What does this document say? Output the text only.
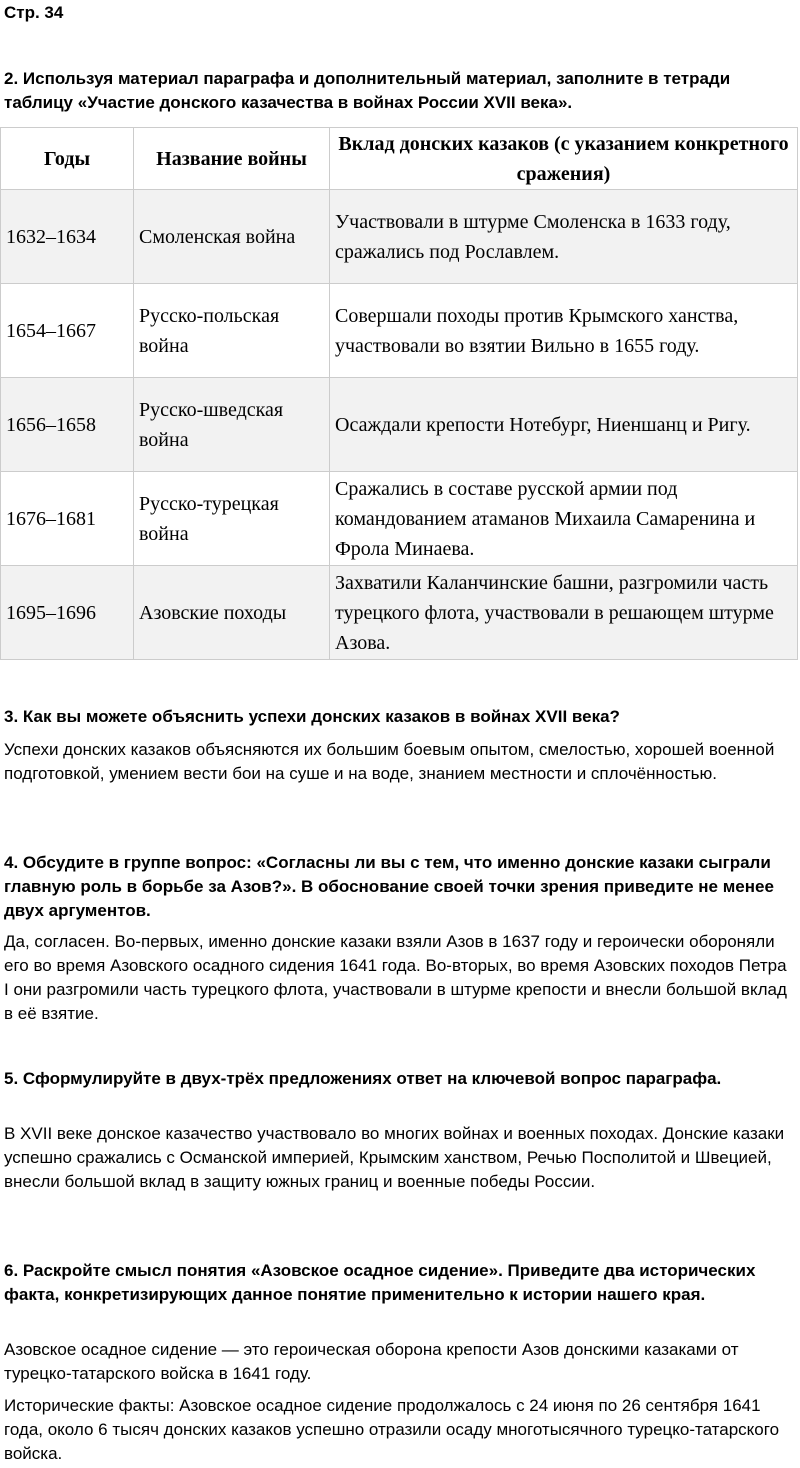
Стр. 34
2. Используя материал параграфа и дополнительный материал, заполните в тетради таблицу «Участие донского казачества в войнах России XVII века».
Годы	Название войны	Вклад донских казаков (с указанием конкретного сражения)
1632–1634	Смоленская война	Участвовали в штурме Смоленска в 1633 году, сражались под Рославлем.
1654–1667	Русско-польская война	Совершали походы против Крымского ханства, участвовали во взятии Вильно в 1655 году.
1656–1658	Русско-шведская война	Осаждали крепости Нотебург, Ниеншанц и Ригу.
1676–1681	Русско-турецкая война	Сражались в составе русской армии под командованием атаманов Михаила Самаренина и Фрола Минаева.
1695–1696	Азовские походы	Захватили Каланчинские башни, разгромили часть турецкого флота, участвовали в решающем штурме Азова.
3. Как вы можете объяснить успехи донских казаков в войнах XVII века?
Успехи донских казаков объясняются их большим боевым опытом, смелостью, хорошей военной подготовкой, умением вести бои на суше и на воде, знанием местности и сплочённостью.
4. Обсудите в группе вопрос: «Согласны ли вы с тем, что именно донские казаки сыграли главную роль в борьбе за Азов?». В обоснование своей точки зрения приведите не менее двух аргументов.
Да, согласен. Во-первых, именно донские казаки взяли Азов в 1637 году и героически обороняли его во время Азовского осадного сидения 1641 года. Во-вторых, во время Азовских походов Петра I они разгромили часть турецкого флота, участвовали в штурме крепости и внесли большой вклад в её взятие.
5. Сформулируйте в двух-трёх предложениях ответ на ключевой вопрос параграфа.
В XVII веке донское казачество участвовало во многих войнах и военных походах. Донские казаки успешно сражались с Османской империей, Крымским ханством, Речью Посполитой и Швецией, внесли большой вклад в защиту южных границ и военные победы России.
6. Раскройте смысл понятия «Азовское осадное сидение». Приведите два исторических факта, конкретизирующих данное понятие применительно к истории нашего края.
Азовское осадное сидение — это героическая оборона крепости Азов донскими казаками от турецко-татарского войска в 1641 году.
Исторические факты: Азовское осадное сидение продолжалось с 24 июня по 26 сентября 1641 года, около 6 тысяч донских казаков успешно отразили осаду многотысячного турецко-татарского войска.
